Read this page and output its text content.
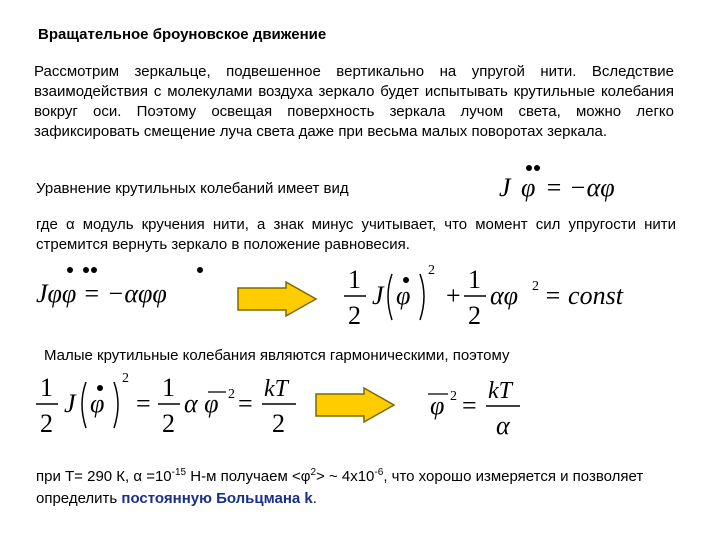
Вращательное броуновское движение
Рассмотрим зеркальце, подвешенное вертикально на упругой нити. Вследствие взаимодействия с молекулами воздуха зеркало будет испытывать крутильные колебания вокруг оси. Поэтому освещая поверхность зеркала лучом света, можно легко зафиксировать смещение луча света даже при весьма малых поворотах зеркала.
Уравнение крутильных колебаний имеет вид	J φ = −αφ
где α модуль кручения нити, а знак минус учитывает, что момент сил упругости нити стремится вернуть зеркало в положение равновесия.
Jφφ = −αφφ	1
2
J φ
2
+
1
2
αφ 2 = const
Малые крутильные колебания являются гармоническими, поэтому
1
2
J φ
2
=
1
2
α φ 2 = kT
2
φ 2 = kT
α
при Т= 290 К, $\alpha =10^{-15}$ Н-м получаем $<\varphi^2>$ ~ $4х10^{-6}$, что хорошо измеряется и позволяет определить постоянную Больцмана k.
